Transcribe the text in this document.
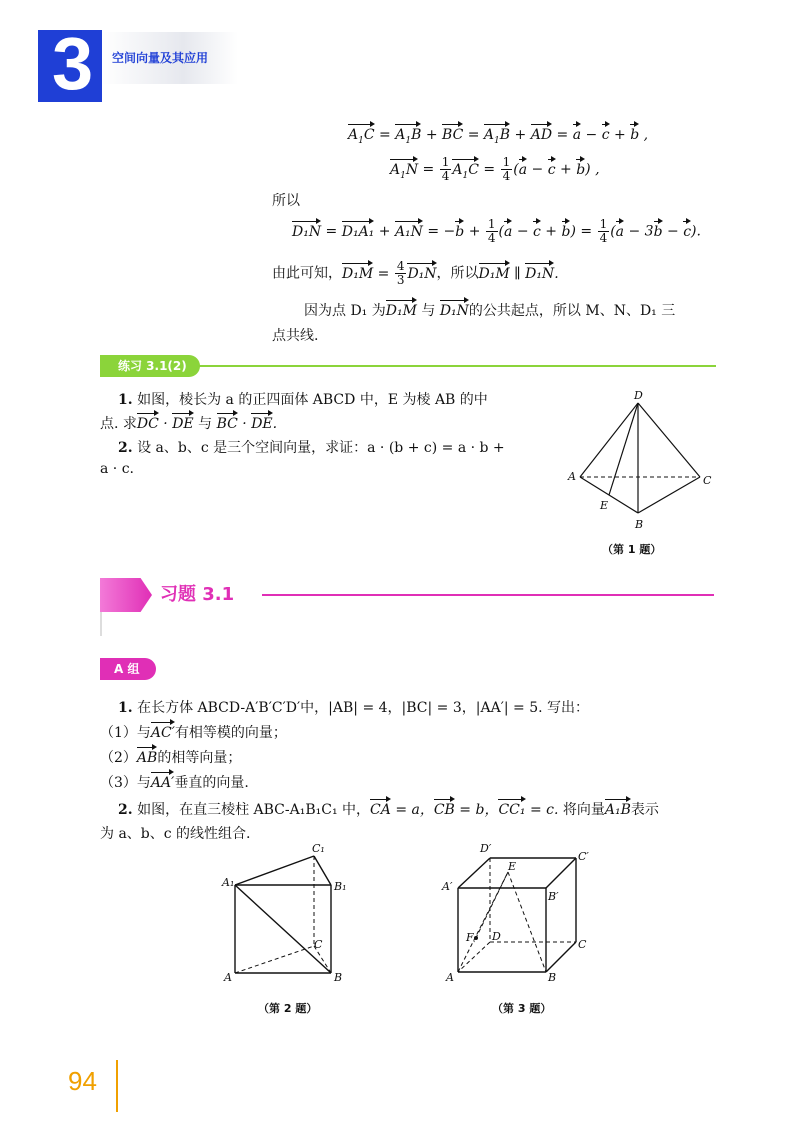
3 空间向量及其应用
$A_1C = A_1B$ + BC = $A_1B$ + AD = a − c + b ,
$A_1N = \frac{1}{4} A_1C = \frac{1}{4} (a - c + b)$ ,
所以
$D_1N = D_1A_1 + A_1N = -b + \frac{1}{4} (a - c + b) = \frac{1}{4} (a - 3b - c)$.
由此可知，$D_1M = \frac{4}{3} D_1N$，所以D₁M ∥ D₁N.
因为点 D₁ 为D₁M 与 D₁N的公共起点，所以 M、N、D₁ 三
点共线.
练习 3.1(2)
1. 如图，棱长为 a 的正四面体 ABCD 中，E 为棱 AB 的中
点. 求DC · DE 与 BC · DE.
2. 设 a、b、c 是三个空间向量，求证：a · (b + c) = a · b +
a · c.
D
A	C
B
E
（第 1 题）
习题 3.1
A 组
1. 在长方体 ABCD-A′B′C′D′中，|AB| = 4，|BC| = 3，|AA′| = 5. 写出：
（1）与AC′有相等模的向量；
（2）AB的相等向量；
（3）与AA′垂直的向量.
2. 如图，在直三棱柱 ABC-A₁B₁C₁ 中，CA = a，CB = b，CC₁ = c. 将向量A₁B表示
为 a、b、c 的线性组合.
C₁
A₁	B₁
C
A	B
（第 2 题）
D′
E
C′
A′
B′
F D
C
A	B
（第 3 题）
94
